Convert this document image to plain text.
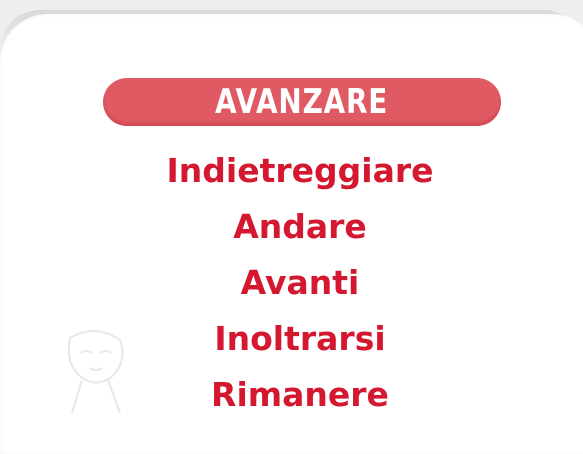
AVANZARE
Indietreggiare
Andare
Avanti
Inoltrarsi
Rimanere
